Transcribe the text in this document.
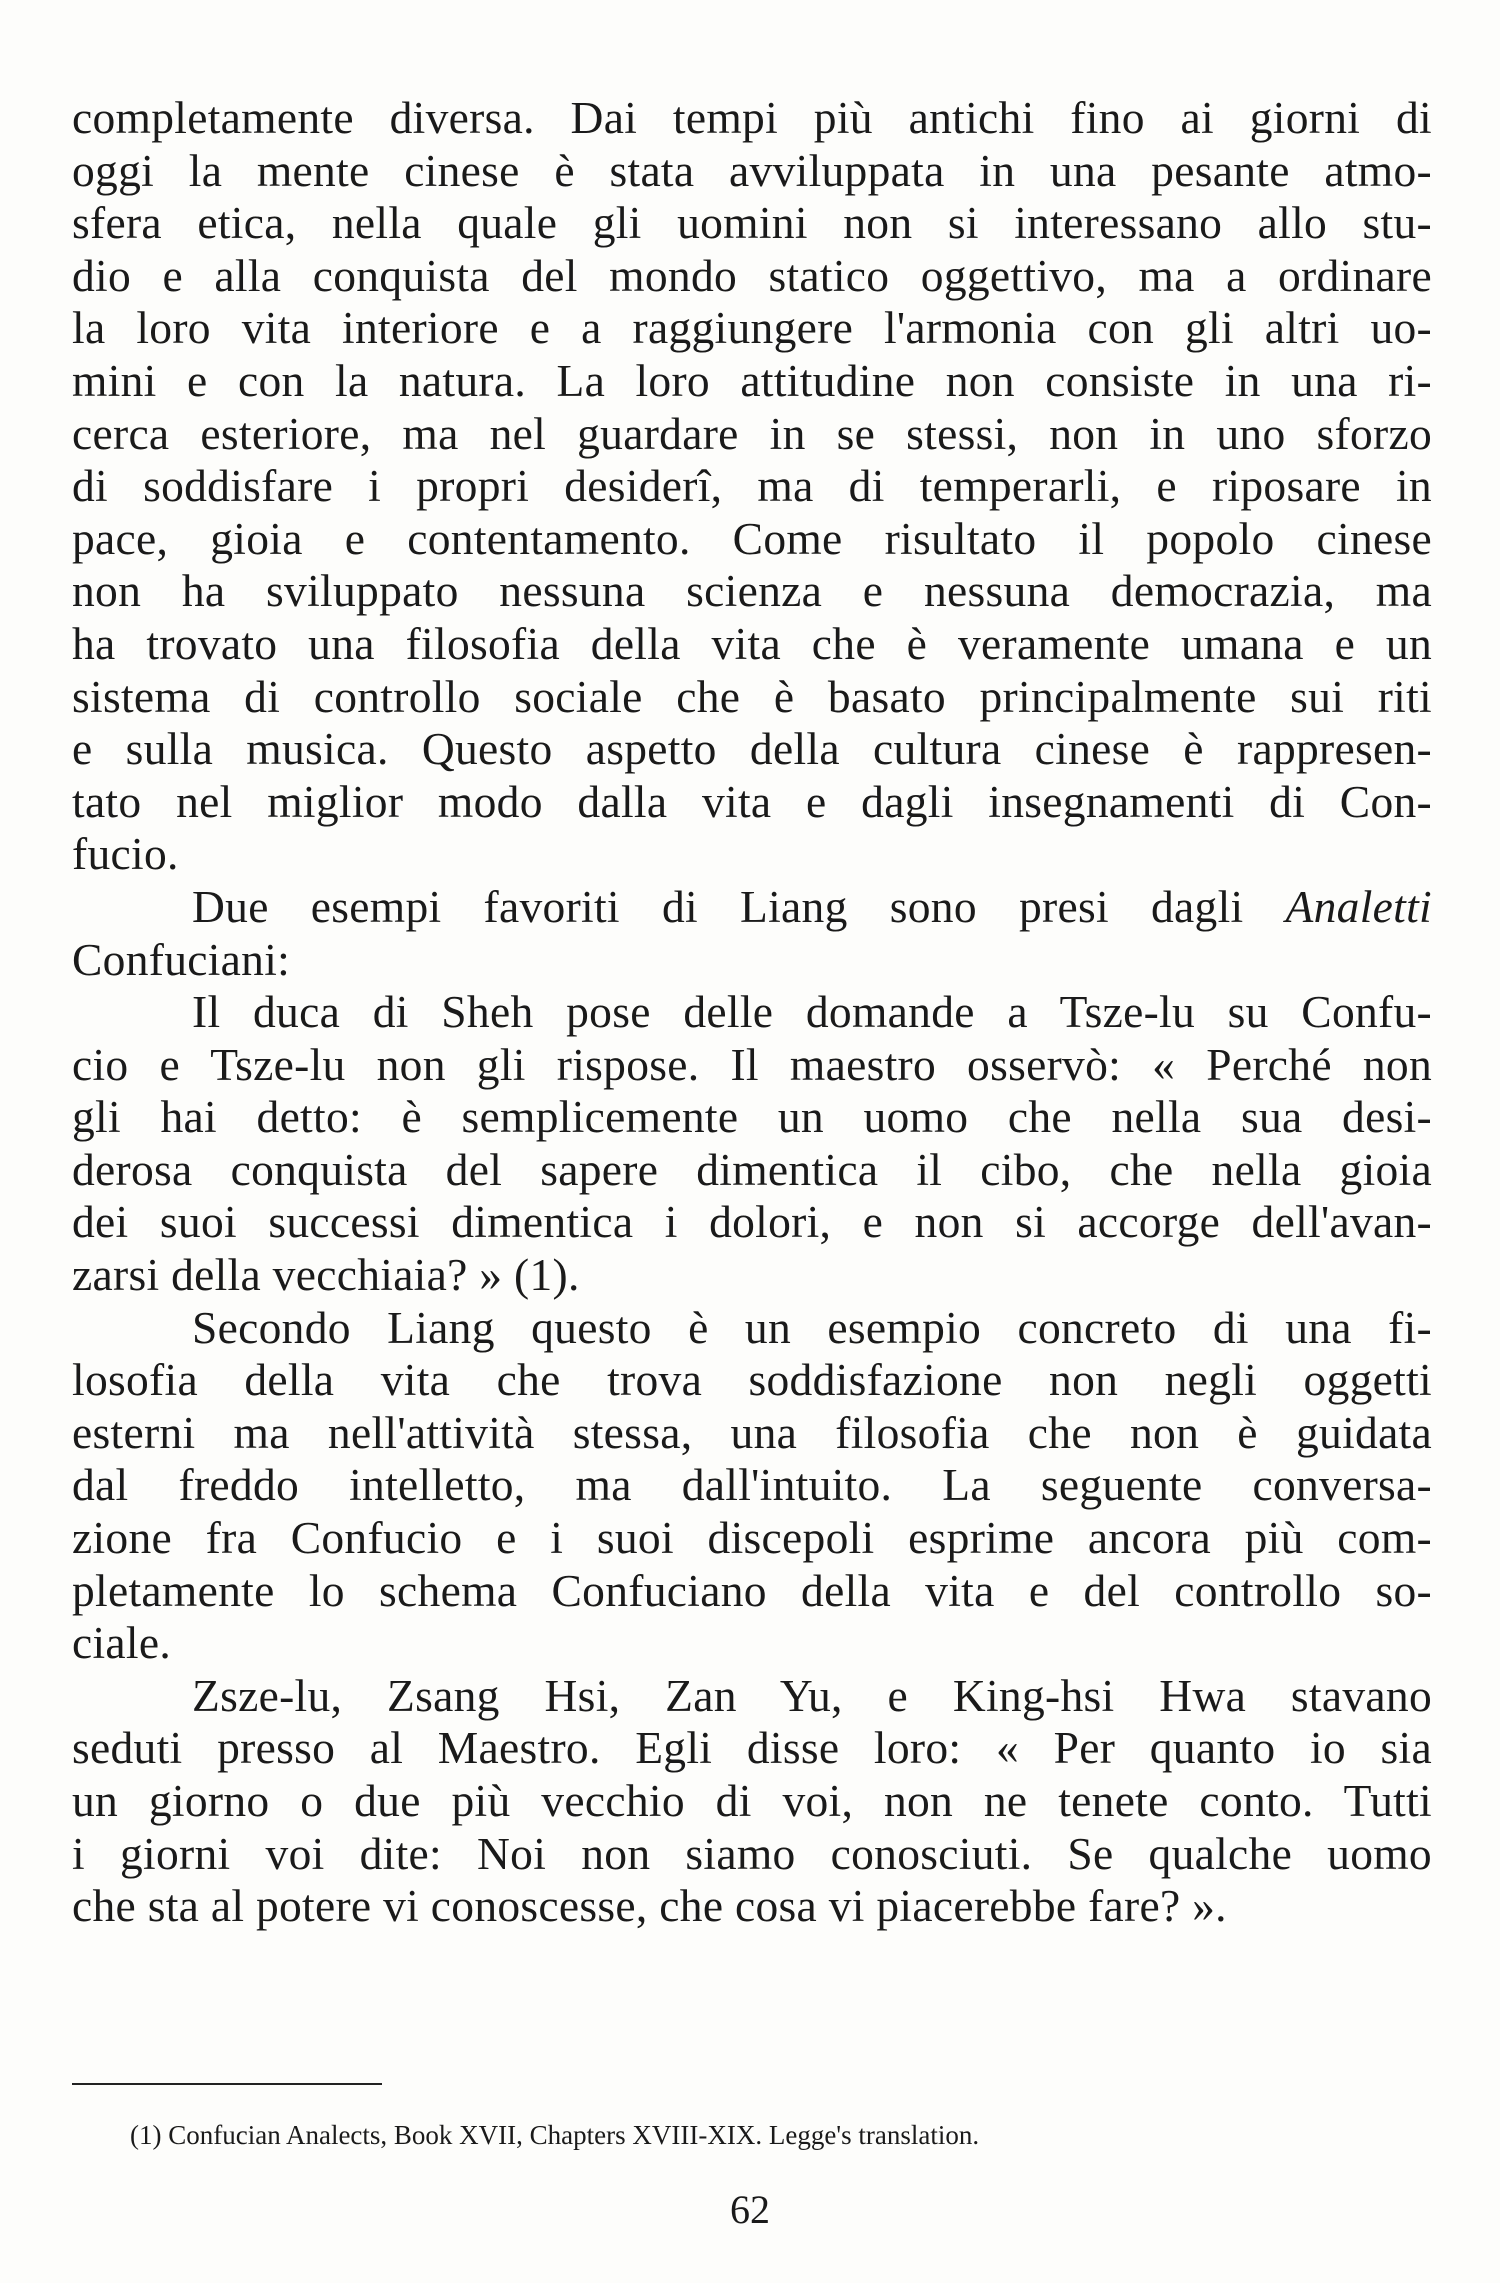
completamente diversa. Dai tempi più antichi fino ai giorni di
oggi la mente cinese è stata avviluppata in una pesante atmo-
sfera etica, nella quale gli uomini non si interessano allo stu-
dio e alla conquista del mondo statico oggettivo, ma a ordinare
la loro vita interiore e a raggiungere l'armonia con gli altri uo-
mini e con la natura. La loro attitudine non consiste in una ri-
cerca esteriore, ma nel guardare in se stessi, non in uno sforzo
di soddisfare i propri desiderî, ma di temperarli, e riposare in
pace, gioia e contentamento. Come risultato il popolo cinese
non ha sviluppato nessuna scienza e nessuna democrazia, ma
ha trovato una filosofia della vita che è veramente umana e un
sistema di controllo sociale che è basato principalmente sui riti
e sulla musica. Questo aspetto della cultura cinese è rappresen-
tato nel miglior modo dalla vita e dagli insegnamenti di Con-
fucio.
Due esempi favoriti di Liang sono presi dagli Analetti
Confuciani:
Il duca di Sheh pose delle domande a Tsze-lu su Confu-
cio e Tsze-lu non gli rispose. Il maestro osservò: « Perché non
gli hai detto: è semplicemente un uomo che nella sua desi-
derosa conquista del sapere dimentica il cibo, che nella gioia
dei suoi successi dimentica i dolori, e non si accorge dell'avan-
zarsi della vecchiaia? » (1).
Secondo Liang questo è un esempio concreto di una fi-
losofia della vita che trova soddisfazione non negli oggetti
esterni ma nell'attività stessa, una filosofia che non è guidata
dal freddo intelletto, ma dall'intuito. La seguente conversa-
zione fra Confucio e i suoi discepoli esprime ancora più com-
pletamente lo schema Confuciano della vita e del controllo so-
ciale.
Zsze-lu, Zsang Hsi, Zan Yu, e King-hsi Hwa stavano
seduti presso al Maestro. Egli disse loro: « Per quanto io sia
un giorno o due più vecchio di voi, non ne tenete conto. Tutti
i giorni voi dite: Noi non siamo conosciuti. Se qualche uomo
che sta al potere vi conoscesse, che cosa vi piacerebbe fare? ».
(1) Confucian Analects, Book XVII, Chapters XVIII-XIX. Legge's translation.
62
